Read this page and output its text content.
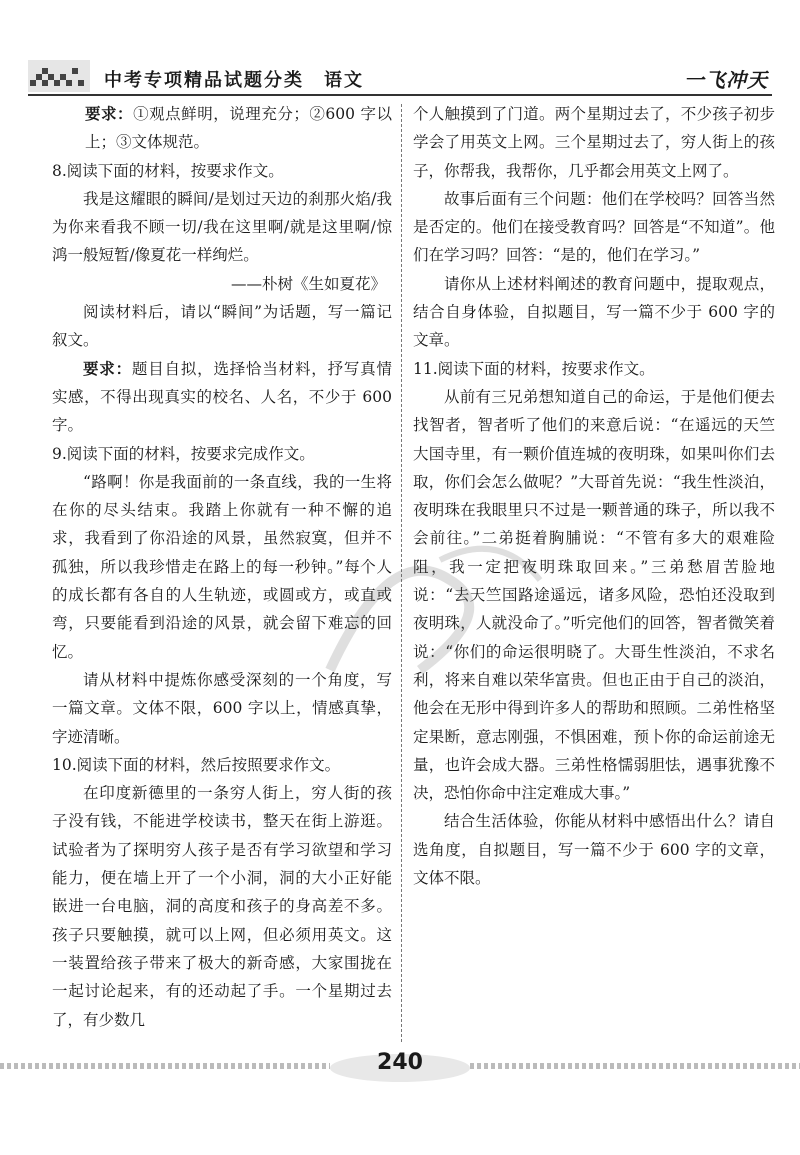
中考专项精品试题分类　语文	一飞冲天

要求：①观点鲜明，说理充分；②600 字以上；③文体规范。

8.阅读下面的材料，按要求作文。

我是这耀眼的瞬间/是划过天边的刹那火焰/我为你来看我不顾一切/我在这里啊/就是这里啊/惊鸿一般短暂/像夏花一样绚烂。

——朴树《生如夏花》

阅读材料后，请以“瞬间”为话题，写一篇记叙文。

要求：题目自拟，选择恰当材料，抒写真情实感，不得出现真实的校名、人名，不少于 600 字。

9.阅读下面的材料，按要求完成作文。

“路啊！你是我面前的一条直线，我的一生将在你的尽头结束。我踏上你就有一种不懈的追求，我看到了你沿途的风景，虽然寂寞，但并不孤独，所以我珍惜走在路上的每一秒钟。”每个人的成长都有各自的人生轨迹，或圆或方，或直或弯，只要能看到沿途的风景，就会留下难忘的回忆。

请从材料中提炼你感受深刻的一个角度，写一篇文章。文体不限，600 字以上，情感真挚，字迹清晰。

10.阅读下面的材料，然后按照要求作文。

在印度新德里的一条穷人街上，穷人街的孩子没有钱，不能进学校读书，整天在街上游逛。试验者为了探明穷人孩子是否有学习欲望和学习能力，便在墙上开了一个小洞，洞的大小正好能嵌进一台电脑，洞的高度和孩子的身高差不多。孩子只要触摸，就可以上网，但必须用英文。这一装置给孩子带来了极大的新奇感，大家围拢在一起讨论起来，有的还动起了手。一个星期过去了，有少数几

个人触摸到了门道。两个星期过去了，不少孩子初步学会了用英文上网。三个星期过去了，穷人街上的孩子，你帮我，我帮你，几乎都会用英文上网了。

故事后面有三个问题：他们在学校吗？回答当然是否定的。他们在接受教育吗？回答是“不知道”。他们在学习吗？回答：“是的，他们在学习。”

请你从上述材料阐述的教育问题中，提取观点，结合自身体验，自拟题目，写一篇不少于 600 字的文章。

11.阅读下面的材料，按要求作文。

从前有三兄弟想知道自己的命运，于是他们便去找智者，智者听了他们的来意后说：“在遥远的天竺大国寺里，有一颗价值连城的夜明珠，如果叫你们去取，你们会怎么做呢？”大哥首先说：“我生性淡泊，夜明珠在我眼里只不过是一颗普通的珠子，所以我不会前往。”二弟挺着胸脯说：“不管有多大的艰难险阻，我一定把夜明珠取回来。”三弟愁眉苦脸地说：“去天竺国路途遥远，诸多风险，恐怕还没取到夜明珠，人就没命了。”听完他们的回答，智者微笑着说：“你们的命运很明晓了。大哥生性淡泊，不求名利，将来自难以荣华富贵。但也正由于自己的淡泊，他会在无形中得到许多人的帮助和照顾。二弟性格坚定果断，意志刚强，不惧困难，预卜你的命运前途无量，也许会成大器。三弟性格懦弱胆怯，遇事犹豫不决，恐怕你命中注定难成大事。”

结合生活体验，你能从材料中感悟出什么？请自选角度，自拟题目，写一篇不少于 600 字的文章，文体不限。

240
